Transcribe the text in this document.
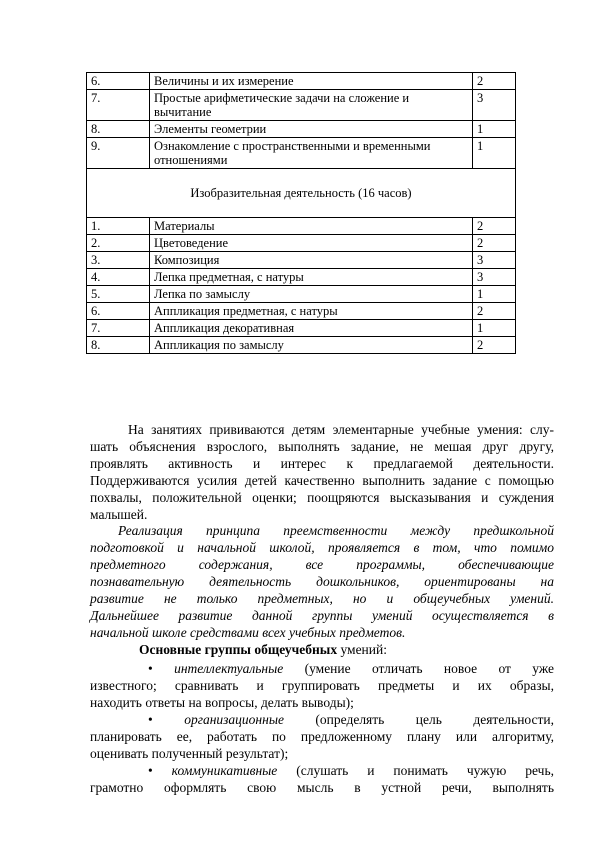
6.	Величины и их измерение	2
7.	Простые арифметические задачи на сложение и вычитание	3
8.	Элементы геометрии	1
9.	Ознакомление с пространственными и временными отношениями	1
Изобразительная деятельность (16 часов)		
1.	Материалы	2
2.	Цветоведение	2
3.	Композиция	3
4.	Лепка предметная, с натуры	3
5.	Лепка по замыслу	1
6.	Аппликация предметная, с натуры	2
7.	Аппликация декоративная	1
8.	Аппликация по замыслу	2

На занятиях прививаются детям элементарные учебные умения: слу-

шать объяснения взрослого, выполнять задание, не мешая друг другу,

проявлять активность и интерес к предлагаемой деятельности.

Поддерживаются усилия детей качественно выполнить задание с помощью

похвалы, положительной оценки; поощряются высказывания и суждения

малышей.

Реализация принципа преемственности между предшкольной

подготовкой и начальной школой, проявляется в том, что помимо

предметного содержания, все программы, обеспечивающие

познавательную деятельность дошкольников, ориентированы на

развитие не только предметных, но и общеучебных умений.

Дальнейшее развитие данной группы умений осуществляется в

начальной школе средствами всех учебных предметов.

Основные группы общеучебных умений:

• интеллектуальные (умение отличать новое от уже

известного; сравнивать и группировать предметы и их образы,

находить ответы на вопросы, делать выводы);

• организационные (определять цель деятельности,

планировать ее, работать по предложенному плану или алгоритму,

оценивать полученный результат);

• коммуникативные (слушать и понимать чужую речь,

грамотно оформлять свою мысль в устной речи, выполнять
